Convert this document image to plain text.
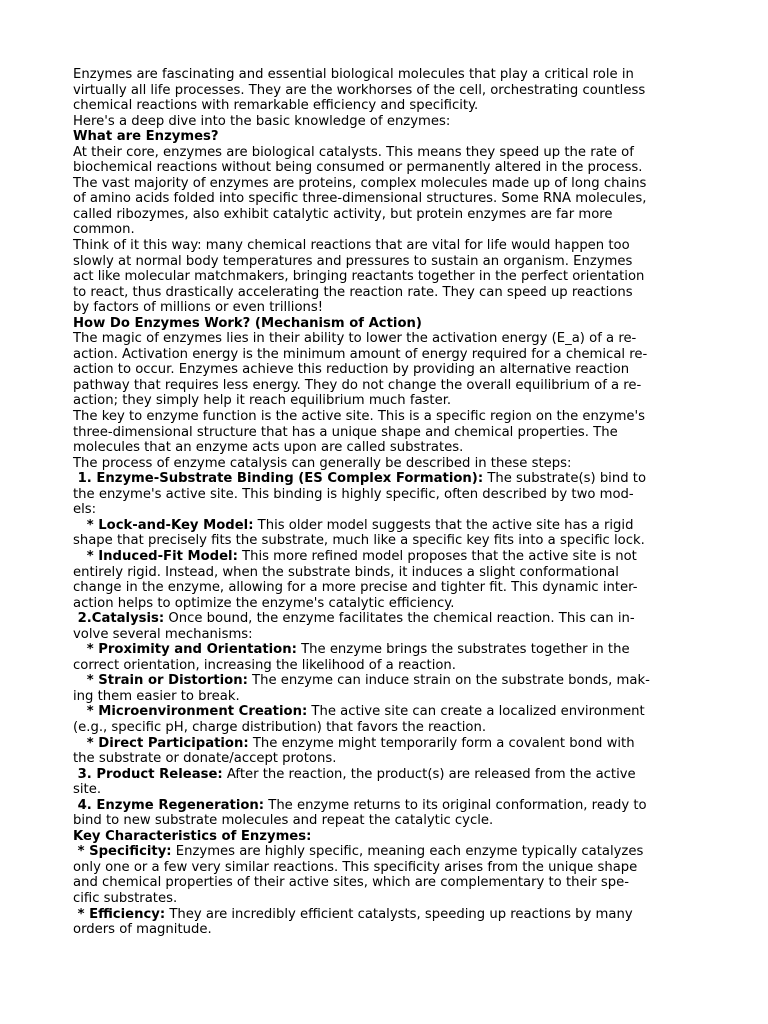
Enzymes are fascinating and essential biological molecules that play a critical role in
virtually all life processes. They are the workhorses of the cell, orchestrating countless
chemical reactions with remarkable efficiency and specificity.
Here's a deep dive into the basic knowledge of enzymes:
What are Enzymes?
At their core, enzymes are biological catalysts. This means they speed up the rate of
biochemical reactions without being consumed or permanently altered in the process.
The vast majority of enzymes are proteins, complex molecules made up of long chains
of amino acids folded into specific three-dimensional structures. Some RNA molecules,
called ribozymes, also exhibit catalytic activity, but protein enzymes are far more
common.
Think of it this way: many chemical reactions that are vital for life would happen too
slowly at normal body temperatures and pressures to sustain an organism. Enzymes
act like molecular matchmakers, bringing reactants together in the perfect orientation
to react, thus drastically accelerating the reaction rate. They can speed up reactions
by factors of millions or even trillions!
How Do Enzymes Work? (Mechanism of Action)
The magic of enzymes lies in their ability to lower the activation energy (E_a) of a re-
action. Activation energy is the minimum amount of energy required for a chemical re-
action to occur. Enzymes achieve this reduction by providing an alternative reaction
pathway that requires less energy. They do not change the overall equilibrium of a re-
action; they simply help it reach equilibrium much faster.
The key to enzyme function is the active site. This is a specific region on the enzyme's
three-dimensional structure that has a unique shape and chemical properties. The
molecules that an enzyme acts upon are called substrates.
The process of enzyme catalysis can generally be described in these steps:
1. Enzyme-Substrate Binding (ES Complex Formation): The substrate(s) bind to
the enzyme's active site. This binding is highly specific, often described by two mod-
els:
* Lock-and-Key Model: This older model suggests that the active site has a rigid
shape that precisely fits the substrate, much like a specific key fits into a specific lock.
* Induced-Fit Model: This more refined model proposes that the active site is not
entirely rigid. Instead, when the substrate binds, it induces a slight conformational
change in the enzyme, allowing for a more precise and tighter fit. This dynamic inter-
action helps to optimize the enzyme's catalytic efficiency.
2.Catalysis: Once bound, the enzyme facilitates the chemical reaction. This can in-
volve several mechanisms:
* Proximity and Orientation: The enzyme brings the substrates together in the
correct orientation, increasing the likelihood of a reaction.
* Strain or Distortion: The enzyme can induce strain on the substrate bonds, mak-
ing them easier to break.
* Microenvironment Creation: The active site can create a localized environment
(e.g., specific pH, charge distribution) that favors the reaction.
* Direct Participation: The enzyme might temporarily form a covalent bond with
the substrate or donate/accept protons.
3. Product Release: After the reaction, the product(s) are released from the active
site.
4. Enzyme Regeneration: The enzyme returns to its original conformation, ready to
bind to new substrate molecules and repeat the catalytic cycle.
Key Characteristics of Enzymes:
* Specificity: Enzymes are highly specific, meaning each enzyme typically catalyzes
only one or a few very similar reactions. This specificity arises from the unique shape
and chemical properties of their active sites, which are complementary to their spe-
cific substrates.
* Efficiency: They are incredibly efficient catalysts, speeding up reactions by many
orders of magnitude.
